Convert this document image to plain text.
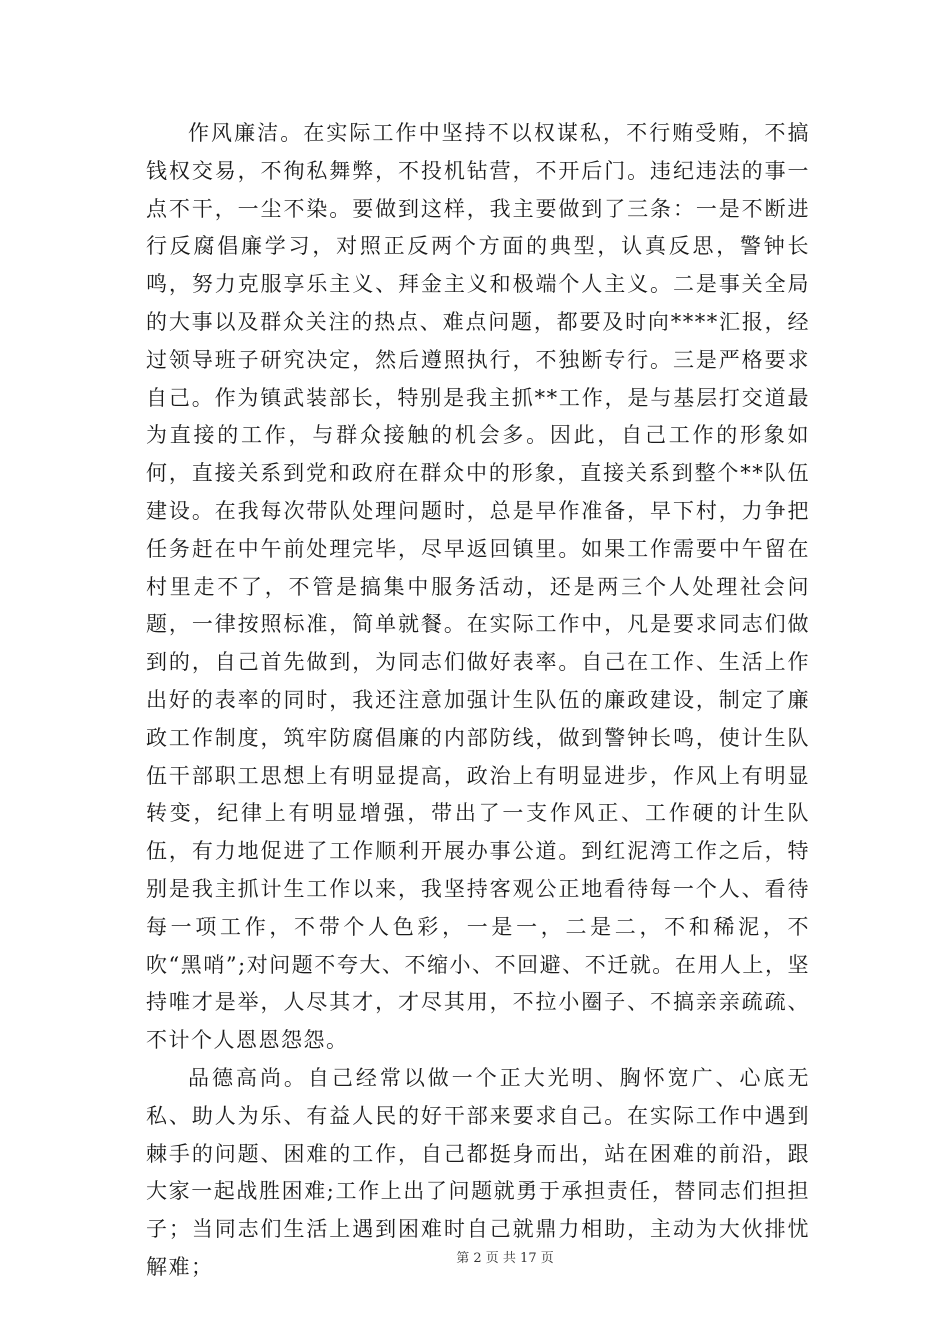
作风廉洁。在实际工作中坚持不以权谋私，不行贿受贿，不搞钱权交易，不徇私舞弊，不投机钻营，不开后门。违纪违法的事一点不干，一尘不染。要做到这样，我主要做到了三条：一是不断进行反腐倡廉学习，对照正反两个方面的典型，认真反思，警钟长鸣，努力克服享乐主义、拜金主义和极端个人主义。二是事关全局的大事以及群众关注的热点、难点问题，都要及时向****汇报，经过领导班子研究决定，然后遵照执行，不独断专行。三是严格要求自己。作为镇武装部长，特别是我主抓**工作，是与基层打交道最为直接的工作，与群众接触的机会多。因此，自己工作的形象如何，直接关系到党和政府在群众中的形象，直接关系到整个**队伍建设。在我每次带队处理问题时，总是早作准备，早下村，力争把任务赶在中午前处理完毕，尽早返回镇里。如果工作需要中午留在村里走不了，不管是搞集中服务活动，还是两三个人处理社会问题，一律按照标准，简单就餐。在实际工作中，凡是要求同志们做到的，自己首先做到，为同志们做好表率。自己在工作、生活上作出好的表率的同时，我还注意加强计生队伍的廉政建设，制定了廉政工作制度，筑牢防腐倡廉的内部防线，做到警钟长鸣，使计生队伍干部职工思想上有明显提高，政治上有明显进步，作风上有明显转变，纪律上有明显增强，带出了一支作风正、工作硬的计生队伍，有力地促进了工作顺利开展办事公道。到红泥湾工作之后，特别是我主抓计生工作以来，我坚持客观公正地看待每一个人、看待每一项工作，不带个人色彩，一是一，二是二，不和稀泥，不吹“黑哨”;对问题不夸大、不缩小、不回避、不迁就。在用人上，坚持唯才是举，人尽其才，才尽其用，不拉小圈子、不搞亲亲疏疏、不计个人恩恩怨怨。

品德高尚。自己经常以做一个正大光明、胸怀宽广、心底无私、助人为乐、有益人民的好干部来要求自己。在实际工作中遇到棘手的问题、困难的工作，自己都挺身而出，站在困难的前沿，跟大家一起战胜困难;工作上出了问题就勇于承担责任，替同志们担担子；当同志们生活上遇到困难时自己就鼎力相助，主动为大伙排忧解难；	第 2 页 共 17 页
